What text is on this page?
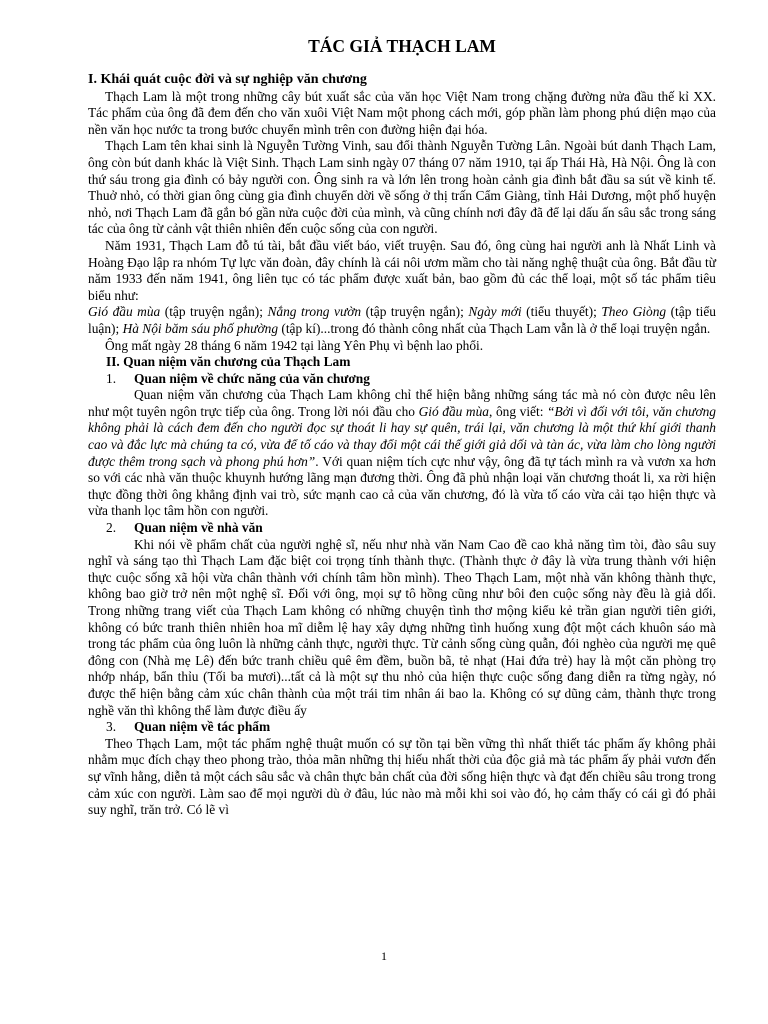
TÁC GIẢ THẠCH LAM
I. Khái quát cuộc đời và sự nghiệp văn chương

Thạch Lam là một trong những cây bút xuất sắc của văn học Việt Nam trong chặng đường nửa đầu thế kỉ XX. Tác phẩm của ông đã đem đến cho văn xuôi Việt Nam một phong cách mới, góp phần làm phong phú diện mạo của nền văn học nước ta trong bước chuyển mình trên con đường hiện đại hóa.

Thạch Lam tên khai sinh là Nguyễn Tường Vinh, sau đổi thành Nguyễn Tường Lân. Ngoài bút danh Thạch Lam, ông còn bút danh khác là Việt Sinh. Thạch Lam sinh ngày 07 tháng 07 năm 1910, tại ấp Thái Hà, Hà Nội. Ông là con thứ sáu trong gia đình có bảy người con. Ông sinh ra và lớn lên trong hoàn cảnh gia đình bắt đầu sa sút về kinh tế. Thuở nhỏ, có thời gian ông cùng gia đình chuyển dời về sống ở thị trấn Cẩm Giàng, tỉnh Hải Dương, một phố huyện nhỏ, nơi Thạch Lam đã gắn bó gần nửa cuộc đời của mình, và cũng chính nơi đây đã để lại dấu ấn sâu sắc trong sáng tác của ông từ cảnh vật thiên nhiên đến cuộc sống của con người.

Năm 1931, Thạch Lam đỗ tú tài, bắt đầu viết báo, viết truyện. Sau đó, ông cùng hai người anh là Nhất Linh và Hoàng Đạo lập ra nhóm Tự lực văn đoàn, đây chính là cái nôi ươm mầm cho tài năng nghệ thuật của ông. Bắt đầu từ năm 1933 đến năm 1941, ông liên tục có tác phẩm được xuất bản, bao gồm đủ các thể loại, một số tác phẩm tiêu biểu như:

Gió đầu mùa (tập truyện ngắn); Nắng trong vườn (tập truyện ngắn); Ngày mới (tiểu thuyết); Theo Giòng (tập tiểu luận); Hà Nội băm sáu phố phường (tập kí)...trong đó thành công nhất của Thạch Lam vẫn là ở thể loại truyện ngắn.

Ông mất ngày 28 tháng 6 năm 1942 tại làng Yên Phụ vì bệnh lao phổi.

II. Quan niệm văn chương của Thạch Lam
1. Quan niệm về chức năng của văn chương

Quan niệm văn chương của Thạch Lam không chỉ thể hiện bằng những sáng tác mà nó còn được nêu lên như một tuyên ngôn trực tiếp của ông. Trong lời nói đầu cho Gió đầu mùa, ông viết: “Bởi vì đối với tôi, văn chương không phải là cách đem đến cho người đọc sự thoát li hay sự quên, trái lại, văn chương là một thứ khí giới thanh cao và đắc lực mà chúng ta có, vừa để tố cáo và thay đổi một cái thế giới giả dối và tàn ác, vừa làm cho lòng người được thêm trong sạch và phong phú hơn”. Với quan niệm tích cực như vậy, ông đã tự tách mình ra và vươn xa hơn so với các nhà văn thuộc khuynh hướng lãng mạn đương thời. Ông đã phủ nhận loại văn chương thoát li, xa rời hiện thực đồng thời ông khẳng định vai trò, sức mạnh cao cả của văn chương, đó là vừa tố cáo vừa cải tạo hiện thực và vừa thanh lọc tâm hồn con người.

2. Quan niệm về nhà văn

Khi nói về phẩm chất của người nghệ sĩ, nếu như nhà văn Nam Cao đề cao khả năng tìm tòi, đào sâu suy nghĩ và sáng tạo thì Thạch Lam đặc biệt coi trọng tính thành thực. (Thành thực ở đây là vừa trung thành với hiện thực cuộc sống xã hội vừa chân thành với chính tâm hồn mình). Theo Thạch Lam, một nhà văn không thành thực, không bao giờ trở nên một nghệ sĩ. Đối với ông, mọi sự tô hồng cũng như bôi đen cuộc sống này đều là giả dối. Trong những trang viết của Thạch Lam không có những chuyện tình thơ mộng kiểu kẻ trần gian người tiên giới, không có bức tranh thiên nhiên hoa mĩ diễm lệ hay xây dựng những tình huống xung đột một cách khuôn sáo mà trong tác phẩm của ông luôn là những cảnh thực, người thực. Từ cảnh sống cùng quẫn, đói nghèo của người mẹ quê đông con (Nhà mẹ Lê) đến bức tranh chiều quê êm đềm, buồn bã, tẻ nhạt (Hai đứa trẻ) hay là một căn phòng trọ nhớp nháp, bẩn thỉu (Tối ba mươi)...tất cả là một sự thu nhỏ của hiện thực cuộc sống đang diễn ra từng ngày, nó được thể hiện bằng cảm xúc chân thành của một trái tim nhân ái bao la. Không có sự dũng cảm, thành thực trong nghề văn thì không thể làm được điều ấy

3. Quan niệm về tác phẩm

Theo Thạch Lam, một tác phẩm nghệ thuật muốn có sự tồn tại bền vững thì nhất thiết tác phẩm ấy không phải nhằm mục đích chạy theo phong trào, thỏa mãn những thị hiếu nhất thời của độc giả mà tác phẩm ấy phải vươn đến sự vĩnh hằng, diễn tả một cách sâu sắc và chân thực bản chất của đời sống hiện thực và đạt đến chiều sâu trong trong cảm xúc con người. Làm sao để mọi người dù ở đâu, lúc nào mà mỗi khi soi vào đó, họ cảm thấy có cái gì đó phải suy nghĩ, trăn trở. Có lẽ vì

1
